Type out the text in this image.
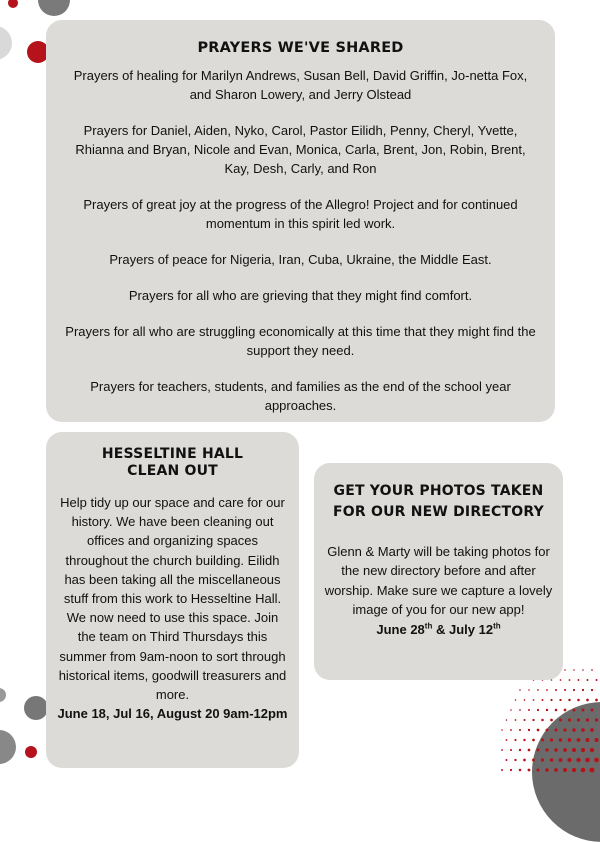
PRAYERS WE'VE SHARED

Prayers of healing for Marilyn Andrews, Susan Bell, David Griffin, Jo-netta Fox, and Sharon Lowery, and Jerry Olstead

Prayers for Daniel, Aiden, Nyko, Carol, Pastor Eilidh, Penny, Cheryl, Yvette, Rhianna and Bryan, Nicole and Evan, Monica, Carla, Brent, Jon, Robin, Brent, Kay, Desh, Carly, and Ron

Prayers of great joy at the progress of the Allegro! Project and for continued momentum in this spirit led work.

Prayers of peace for Nigeria, Iran, Cuba, Ukraine, the Middle East.

Prayers for all who are grieving that they might find comfort.

Prayers for all who are struggling economically at this time that they might find the support they need.

Prayers for teachers, students, and families as the end of the school year approaches.

HESSELTINE HALL
CLEAN OUT

Help tidy up our space and care for our history. We have been cleaning out offices and organizing spaces throughout the church building. Eilidh has been taking all the miscellaneous stuff from this work to Hesseltine Hall. We now need to use this space. Join the team on Third Thursdays this summer from 9am-noon to sort through historical items, goodwill treasurers and more.

June 18, Jul 16, August 20 9am-12pm

GET YOUR PHOTOS TAKEN
FOR OUR NEW DIRECTORY

Glenn & Marty will be taking photos for the new directory before and after worship. Make sure we capture a lovely image of you for our new app!

June 28th & July 12th
